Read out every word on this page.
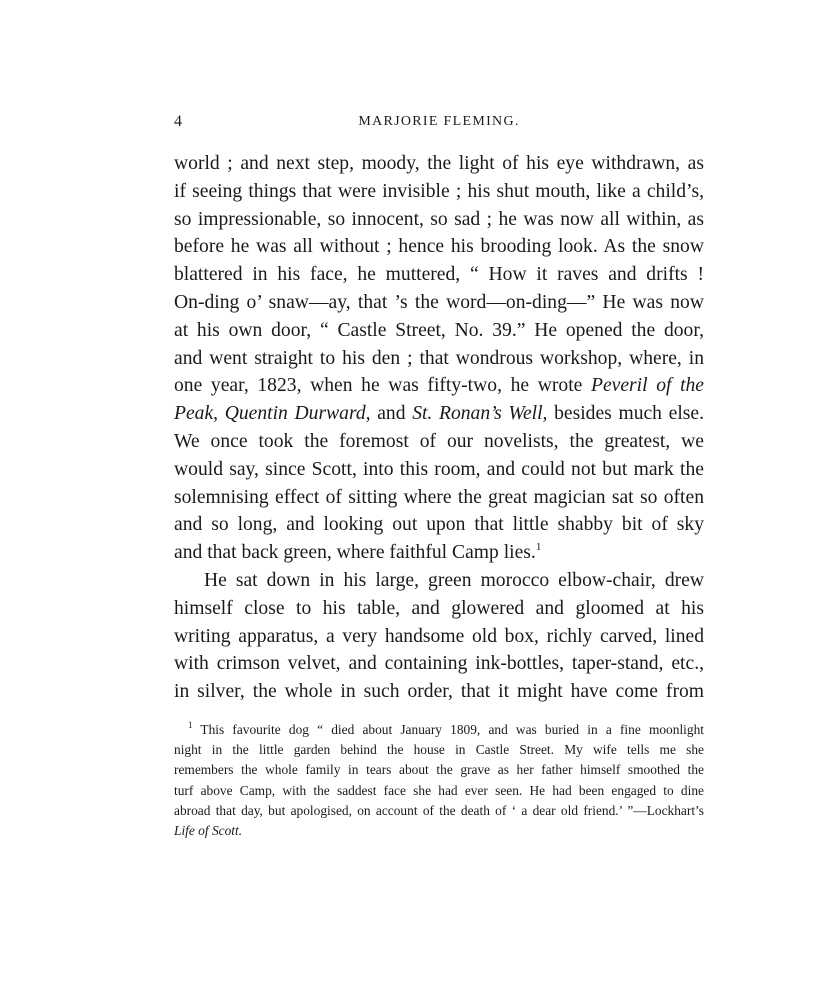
4	MARJORIE FLEMING.
world ; and next step, moody, the light of his eye withdrawn, as
if seeing things that were invisible ; his shut mouth, like a child’s,
so impressionable, so innocent, so sad ; he was now all within, as
before he was all without ; hence his brooding look. As the snow
blattered in his face, he muttered, “ How it raves and drifts !
On-ding o’ snaw—ay, that ’s the word—on-ding—” He was now
at his own door, “ Castle Street, No. 39.” He opened the door,
and went straight to his den ; that wondrous workshop, where, in
one year, 1823, when he was fifty-two, he wrote Peveril of the
Peak, Quentin Durward, and St. Ronan’s Well, besides much else.
We once took the foremost of our novelists, the greatest, we
would say, since Scott, into this room, and could not but mark the
solemnising effect of sitting where the great magician sat so often
and so long, and looking out upon that little shabby bit of sky
and that back green, where faithful Camp lies.$^1$
He sat down in his large, green morocco elbow-chair, drew
himself close to his table, and glowered and gloomed at his
writing apparatus, a very handsome old box, richly carved, lined
with crimson velvet, and containing ink-bottles, taper-stand, etc.,
in silver, the whole in such order, that it might have come from
$^1$ This favourite dog “ died about January 1809, and was buried in a fine moonlight
night in the little garden behind the house in Castle Street. My wife tells me she
remembers the whole family in tears about the grave as her father himself smoothed the
turf above Camp, with the saddest face she had ever seen. He had been engaged to dine
abroad that day, but apologised, on account of the death of ‘ a dear old friend.’ ”—Lockhart’s
Life of Scott.
